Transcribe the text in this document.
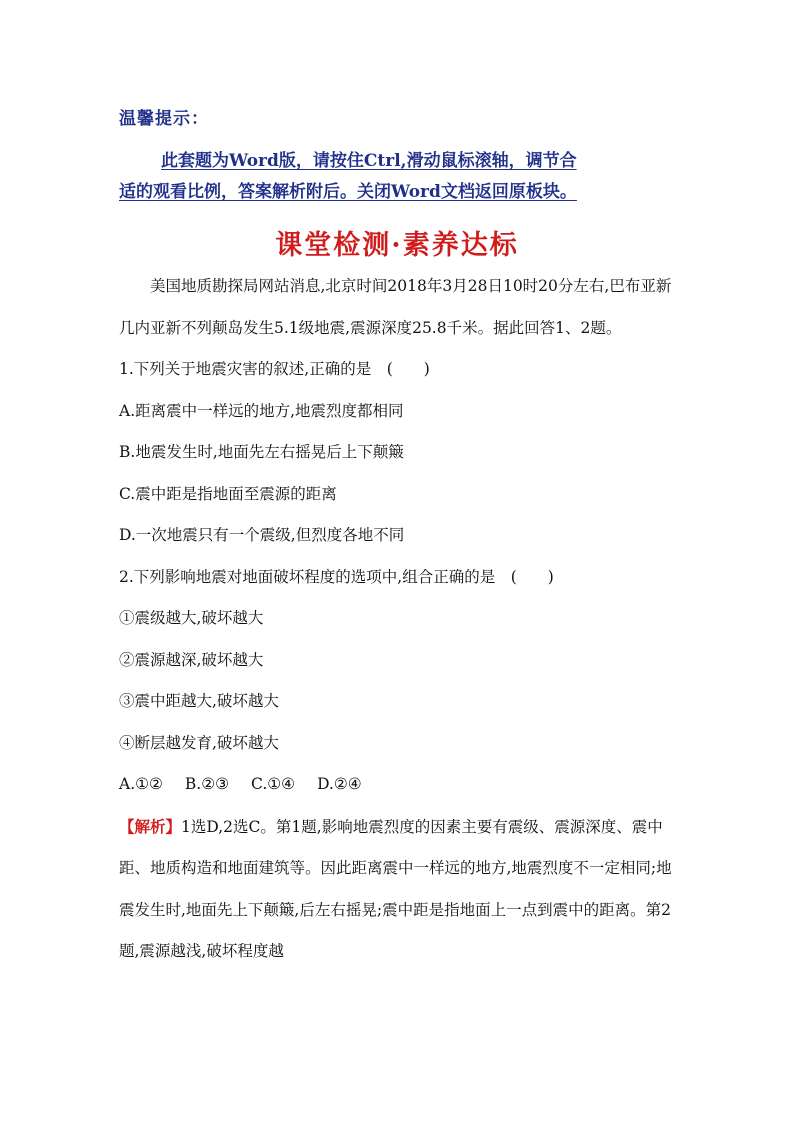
温馨提示：
此套题为Word版，请按住Ctrl,滑动鼠标滚轴，调节合
适的观看比例，答案解析附后。关闭Word文档返回原板块。
课堂检测·素养达标

美国地质勘探局网站消息,北京时间2018年3月28日10时20分左右,巴布亚新几内亚新不列颠岛发生5.1级地震,震源深度25.8千米。据此回答1、2题。

1.下列关于地震灾害的叙述,正确的是　(　　)

A.距离震中一样远的地方,地震烈度都相同

B.地震发生时,地面先左右摇晃后上下颠簸

C.震中距是指地面至震源的距离

D.一次地震只有一个震级,但烈度各地不同

2.下列影响地震对地面破坏程度的选项中,组合正确的是　(　　)

①震级越大,破坏越大

②震源越深,破坏越大

③震中距越大,破坏越大

④断层越发育,破坏越大

A.①② B.②③ C.①④ D.②④

【解析】1选D,2选C。第1题,影响地震烈度的因素主要有震级、震源深度、震中距、地质构造和地面建筑等。因此距离震中一样远的地方,地震烈度不一定相同;地震发生时,地面先上下颠簸,后左右摇晃;震中距是指地面上一点到震中的距离。第2题,震源越浅,破坏程度越
